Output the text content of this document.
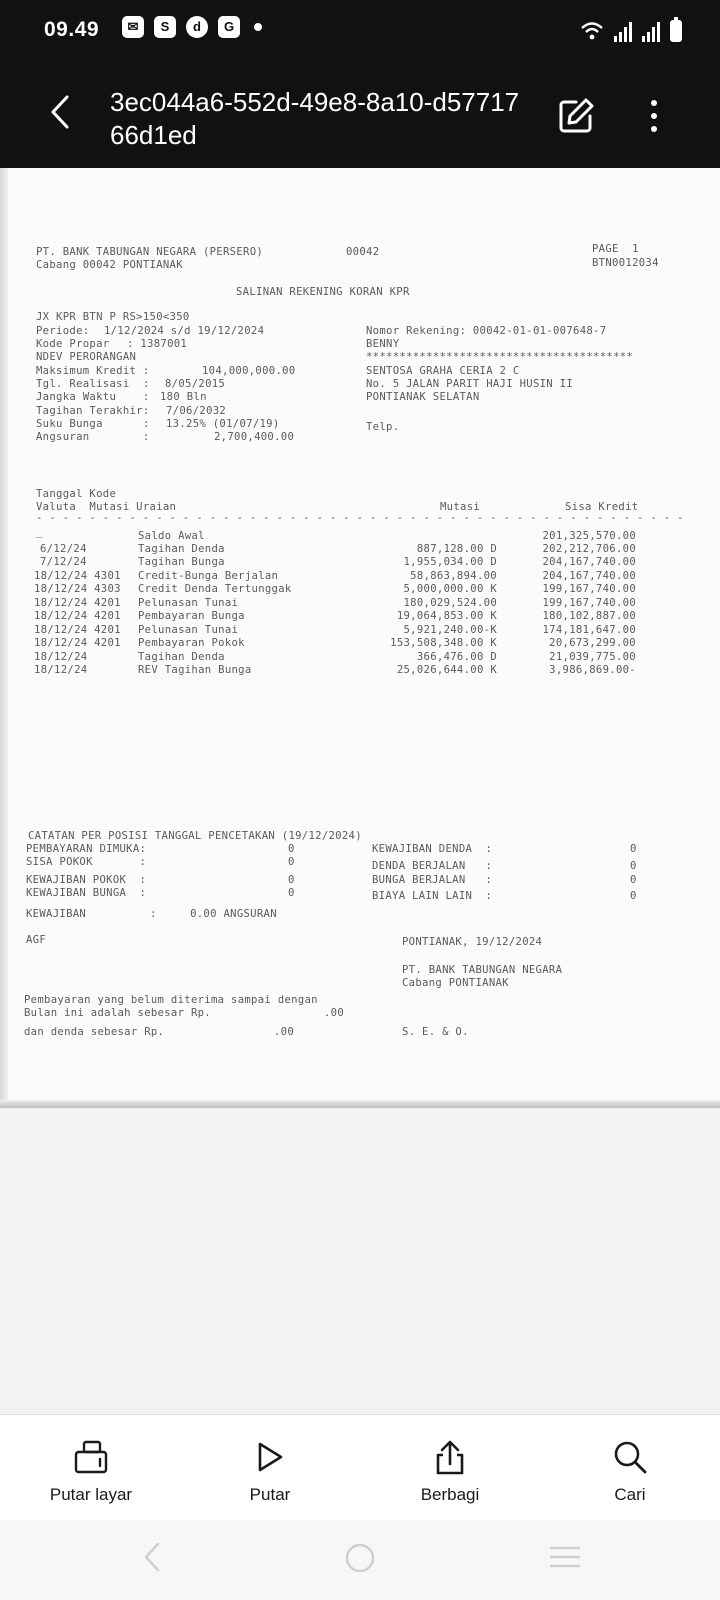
09.49	✉	S	d	G
3ec044a6-552d-49e8-8a10-d5771766d1ed
PT. BANK TABUNGAN NEGARA (PERSERO)
Cabang 00042 PONTIANAK
00042	PAGE  1
BTN0012034
SALINAN REKENING KORAN KPR
JX KPR BTN P RS>150<350
Periode: 1/12/2024 s/d 19/12/2024
Kode Propar : 1387001
NDEV PERORANGAN
Maksimum Kredit :	104,000,000.00
Tgl. Realisasi  : 8/05/2015
Jangka Waktu    : 180 Bln
Tagihan Terakhir: 7/06/2032
Suku Bunga      : 13.25% (01/07/19)
Angsuran        :	2,700,400.00
Nomor Rekening: 00042-01-01-007648-7
BENNY
****************************************
SENTOSA GRAHA CERIA 2 C
No. 5 JALAN PARIT HAJI HUSIN II
PONTIANAK SELATAN
Telp.
Tanggal Kode
Valuta  Mutasi Uraian	Mutasi	Sisa Kredit
- - - - - - - - - - - - - - - - - - - - - - - - - - - - - - - - - - - - - - - - - - - - - - - - -
_	Saldo Awal	201,325,570.00
6/12/24	Tagihan Denda	887,128.00 D	202,212,706.00
7/12/24	Tagihan Bunga	1,955,034.00 D	204,167,740.00
18/12/24 4301 Credit-Bunga Berjalan	58,863,894.00	204,167,740.00
18/12/24 4303 Credit Denda Tertunggak	5,000,000.00 K	199,167,740.00
18/12/24 4201 Pelunasan Tunai	180,029,524.00	199,167,740.00
18/12/24 4201 Pembayaran Bunga	19,064,853.00 K	180,102,887.00
18/12/24 4201 Pelunasan Tunai	5,921,240.00-K	174,181,647.00
18/12/24 4201 Pembayaran Pokok	153,508,348.00 K	20,673,299.00
18/12/24	Tagihan Denda	366,476.00 D	21,039,775.00
18/12/24	REV Tagihan Bunga	25,026,644.00 K	3,986,869.00-
CATATAN PER POSISI TANGGAL PENCETAKAN (19/12/2024)
PEMBAYARAN DIMUKA:	0
SISA POKOK       :	0
KEWAJIBAN POKOK  :	0
KEWAJIBAN BUNGA  :	0
KEWAJIBAN DENDA  :	0
DENDA BERJALAN   :	0
BUNGA BERJALAN   :	0
BIAYA LAIN LAIN  :	0
KEWAJIBAN	:     0.00 ANGSURAN
AGF	PONTIANAK, 19/12/2024
PT. BANK TABUNGAN NEGARA
Cabang PONTIANAK
Pembayaran yang belum diterima sampai dengan
Bulan ini adalah sebesar Rp.	.00
dan denda sebesar Rp.	.00	S. E. & O.
Putar layar	Putar	Berbagi	Cari
